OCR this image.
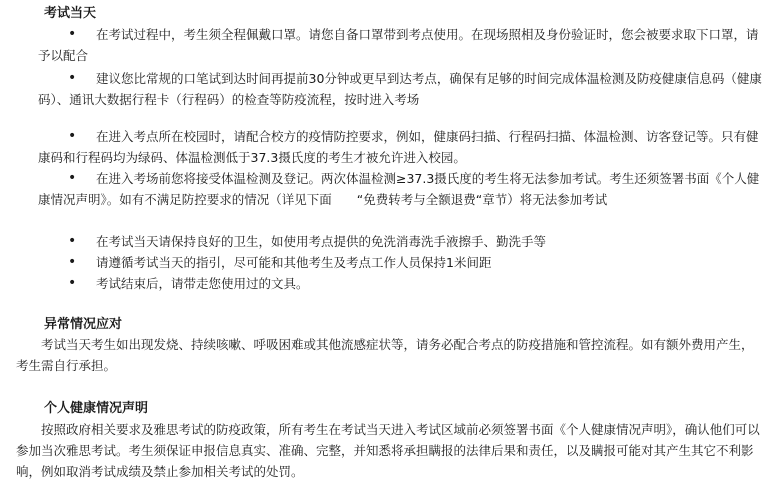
考试当天
•	在考试过程中，考生须全程佩戴口罩。请您自备口罩带到考点使用。在现场照相及身份验证时，您会被要求取下口罩，请予以配合
•	建议您比常规的口笔试到达时间再提前30分钟或更早到达考点，确保有足够的时间完成体温检测及防疫健康信息码（健康码）、通讯大数据行程卡（行程码）的检查等防疫流程，按时进入考场
•	在进入考点所在校园时，请配合校方的疫情防控要求，例如，健康码扫描、行程码扫描、体温检测、访客登记等。只有健康码和行程码均为绿码、体温检测低于37.3摄氏度的考生才被允许进入校园。
•	在进入考场前您将接受体温检测及登记。两次体温检测≥37.3摄氏度的考生将无法参加考试。考生还须签署书面《个人健康情况声明》。如有不满足防控要求的情况（详见下面　　“免费转考与全额退费“章节）将无法参加考试
•	在考试当天请保持良好的卫生，如使用考点提供的免洗消毒洗手液擦手、勤洗手等
•	请遵循考试当天的指引，尽可能和其他考生及考点工作人员保持1米间距
•	考试结束后，请带走您使用过的文具。
异常情况应对
考试当天考生如出现发烧、持续咳嗽、呼吸困难或其他流感症状等，请务必配合考点的防疫措施和管控流程。如有额外费用产生，考生需自行承担。
个人健康情况声明
按照政府相关要求及雅思考试的防疫政策，所有考生在考试当天进入考试区域前必须签署书面《个人健康情况声明》，确认他们可以参加当次雅思考试。考生须保证申报信息真实、准确、完整，并知悉将承担瞒报的法律后果和责任，以及瞒报可能对其产生其它不利影响，例如取消考试成绩及禁止参加相关考试的处罚。
